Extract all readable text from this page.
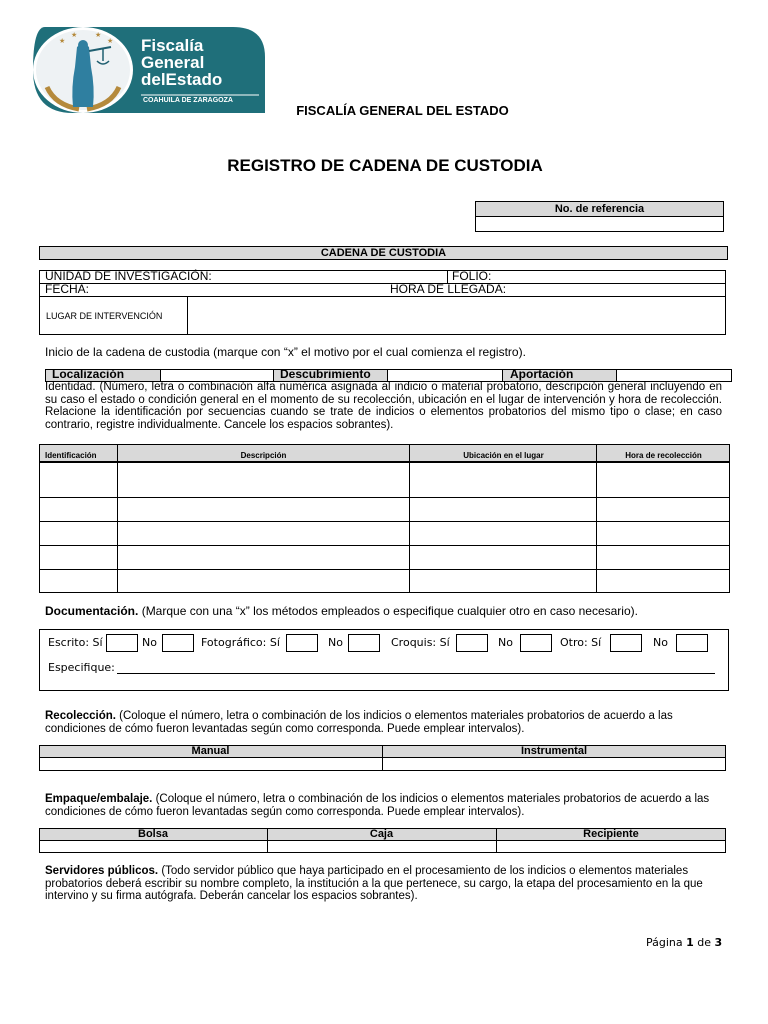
★
★	★
★ Fiscalía
General
delEstado
COAHUILA DE ZARAGOZA
FISCALÍA GENERAL DEL ESTADO
REGISTRO DE CADENA DE CUSTODIA
No. de referencia
CADENA DE CUSTODIA
UNIDAD DE INVESTIGACIÓN:	FOLIO:
FECHA:	HORA DE LLEGADA:
LUGAR DE INTERVENCIÓN
Inicio de la cadena de custodia (marque con “x” el motivo por el cual comienza el registro).
Localización	Descubrimiento	Aportación
Identidad. (Número, letra o combinación alfa numérica asignada al indicio o material probatorio, descripción general incluyendo en su caso el estado o condición general en el momento de su recolección, ubicación en el lugar de intervención y hora de recolección. Relacione la identificación por secuencias cuando se trate de indicios o elementos probatorios del mismo tipo o clase; en caso contrario, registre individualmente. Cancele los espacios sobrantes).
Identificación	Descripción	Ubicación en el lugar	Hora de recolección
Documentación. (Marque con una “x” los métodos empleados o especifique cualquier otro en caso necesario).
Escrito: Sí	No	Fotográfico: Sí	No	Croquis: Sí	No	Otro: Sí	No
Especifique:
Recolección. (Coloque el número, letra o combinación de los indicios o elementos materiales probatorios de acuerdo a las condiciones de cómo fueron levantadas según como corresponda. Puede emplear intervalos).
Manual	Instrumental
Empaque/embalaje. (Coloque el número, letra o combinación de los indicios o elementos materiales probatorios de acuerdo a las condiciones de cómo fueron levantadas según como corresponda. Puede emplear intervalos).
Bolsa	Caja	Recipiente
Servidores públicos. (Todo servidor público que haya participado en el procesamiento de los indicios o elementos materiales probatorios deberá escribir su nombre completo, la institución a la que pertenece, su cargo, la etapa del procesamiento en la que intervino y su firma autógrafa. Deberán cancelar los espacios sobrantes).
Página 1 de 3
